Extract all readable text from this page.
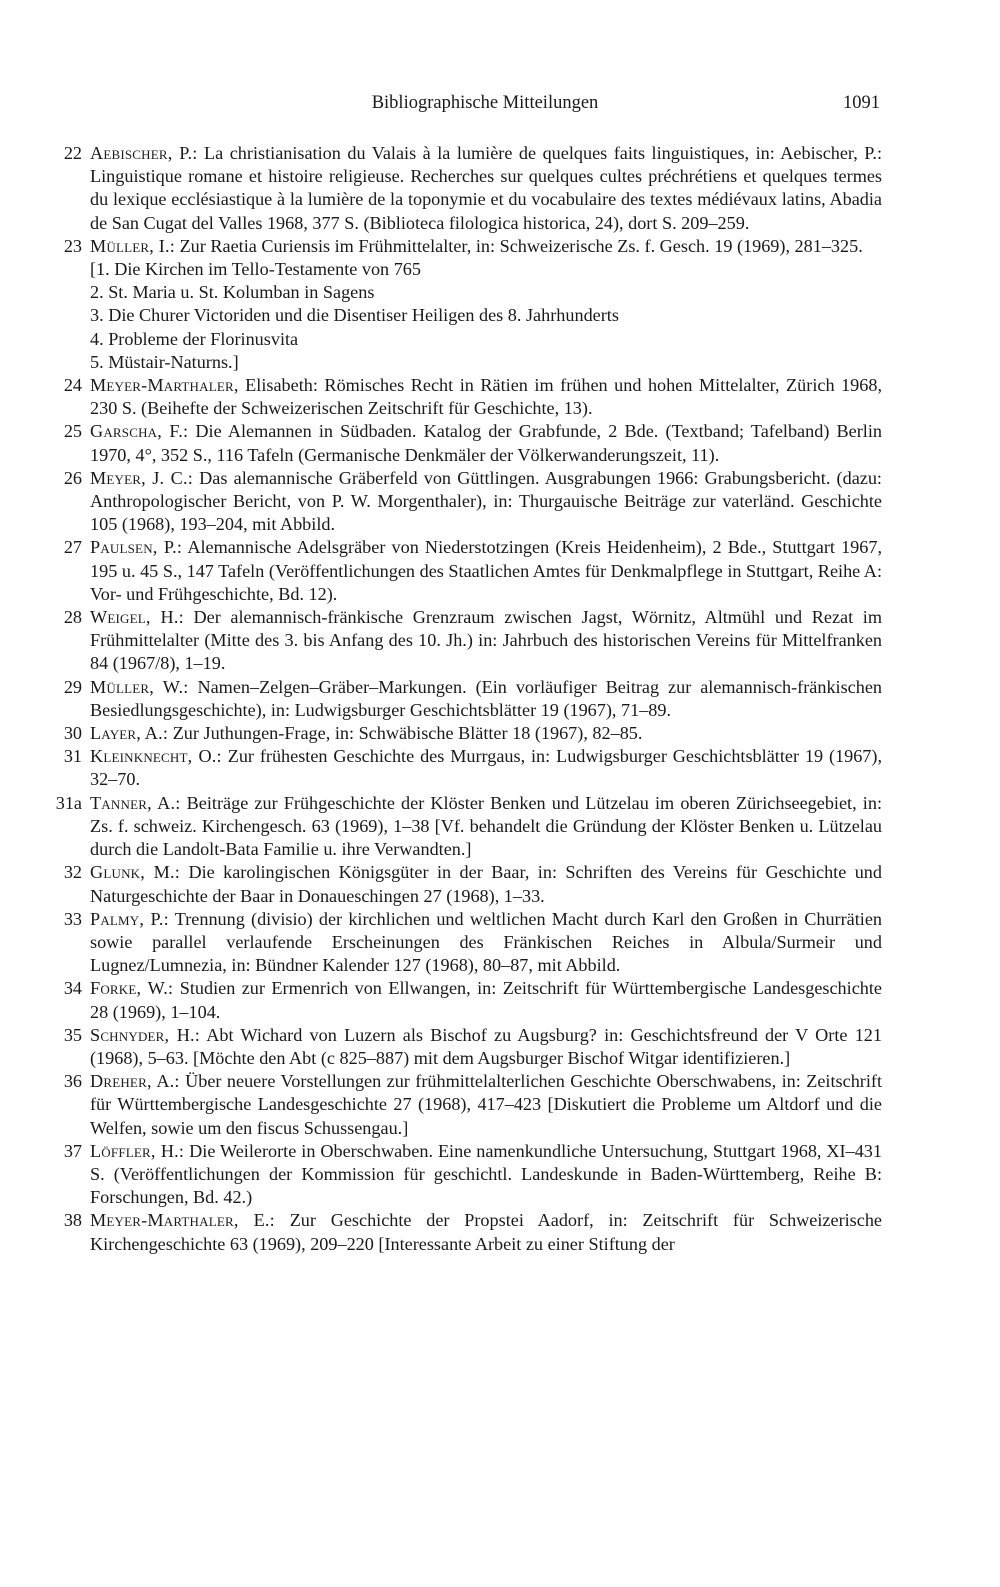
Bibliographische Mitteilungen	1091
22 Aebischer, P.: La christianisation du Valais à la lumière de quelques faits linguistiques, in: Aebischer, P.: Linguistique romane et histoire religieuse. Recherches sur quelques cultes préchrétiens et quelques termes du lexique ecclésiastique à la lumière de la toponymie et du vocabulaire des textes médiévaux latins, Abadia de San Cugat del Valles 1968, 377 S. (Biblioteca filologica historica, 24), dort S. 209–259.
23 Müller, I.: Zur Raetia Curiensis im Frühmittelalter, in: Schweizerische Zs. f. Gesch. 19 (1969), 281–325.
[1. Die Kirchen im Tello-Testamente von 765
2. St. Maria u. St. Kolumban in Sagens
3. Die Churer Victoriden und die Disentiser Heiligen des 8. Jahrhunderts
4. Probleme der Florinusvita
5. Müstair-Naturns.]
24 Meyer-Marthaler, Elisabeth: Römisches Recht in Rätien im frühen und hohen Mittelalter, Zürich 1968, 230 S. (Beihefte der Schweizerischen Zeitschrift für Geschichte, 13).
25 Garscha, F.: Die Alemannen in Südbaden. Katalog der Grabfunde, 2 Bde. (Textband; Tafelband) Berlin 1970, 4°, 352 S., 116 Tafeln (Germanische Denkmäler der Völkerwanderungszeit, 11).
26 Meyer, J. C.: Das alemannische Gräberfeld von Güttlingen. Ausgrabungen 1966: Grabungsbericht. (dazu: Anthropologischer Bericht, von P. W. Morgenthaler), in: Thurgauische Beiträge zur vaterländ. Geschichte 105 (1968), 193–204, mit Abbild.
27 Paulsen, P.: Alemannische Adelsgräber von Niederstotzingen (Kreis Heidenheim), 2 Bde., Stuttgart 1967, 195 u. 45 S., 147 Tafeln (Veröffentlichungen des Staatlichen Amtes für Denkmalpflege in Stuttgart, Reihe A: Vor- und Frühgeschichte, Bd. 12).
28 Weigel, H.: Der alemannisch-fränkische Grenzraum zwischen Jagst, Wörnitz, Altmühl und Rezat im Frühmittelalter (Mitte des 3. bis Anfang des 10. Jh.) in: Jahrbuch des historischen Vereins für Mittelfranken 84 (1967/8), 1–19.
29 Müller, W.: Namen–Zelgen–Gräber–Markungen. (Ein vorläufiger Beitrag zur alemannisch-fränkischen Besiedlungsgeschichte), in: Ludwigsburger Geschichtsblätter 19 (1967), 71–89.
30 Layer, A.: Zur Juthungen-Frage, in: Schwäbische Blätter 18 (1967), 82–85.
31 Kleinknecht, O.: Zur frühesten Geschichte des Murrgaus, in: Ludwigsburger Geschichtsblätter 19 (1967), 32–70.
31a Tanner, A.: Beiträge zur Frühgeschichte der Klöster Benken und Lützelau im oberen Zürichseegebiet, in: Zs. f. schweiz. Kirchengesch. 63 (1969), 1–38 [Vf. behandelt die Gründung der Klöster Benken u. Lützelau durch die Landolt-Bata Familie u. ihre Verwandten.]
32 Glunk, M.: Die karolingischen Königsgüter in der Baar, in: Schriften des Vereins für Geschichte und Naturgeschichte der Baar in Donaueschingen 27 (1968), 1–33.
33 Palmy, P.: Trennung (divisio) der kirchlichen und weltlichen Macht durch Karl den Großen in Churrätien sowie parallel verlaufende Erscheinungen des Fränkischen Reiches in Albula/Surmeir und Lugnez/Lumnezia, in: Bündner Kalender 127 (1968), 80–87, mit Abbild.
34 Forke, W.: Studien zur Ermenrich von Ellwangen, in: Zeitschrift für Württembergische Landesgeschichte 28 (1969), 1–104.
35 Schnyder, H.: Abt Wichard von Luzern als Bischof zu Augsburg? in: Geschichtsfreund der V Orte 121 (1968), 5–63. [Möchte den Abt (c 825–887) mit dem Augsburger Bischof Witgar identifizieren.]
36 Dreher, A.: Über neuere Vorstellungen zur frühmittelalterlichen Geschichte Oberschwabens, in: Zeitschrift für Württembergische Landesgeschichte 27 (1968), 417–423 [Diskutiert die Probleme um Altdorf und die Welfen, sowie um den fiscus Schussengau.]
37 Löffler, H.: Die Weilerorte in Oberschwaben. Eine namenkundliche Untersuchung, Stuttgart 1968, XI–431 S. (Veröffentlichungen der Kommission für geschichtl. Landeskunde in Baden-Württemberg, Reihe B: Forschungen, Bd. 42.)
38 Meyer-Marthaler, E.: Zur Geschichte der Propstei Aadorf, in: Zeitschrift für Schweizerische Kirchengeschichte 63 (1969), 209–220 [Interessante Arbeit zu einer Stiftung der
